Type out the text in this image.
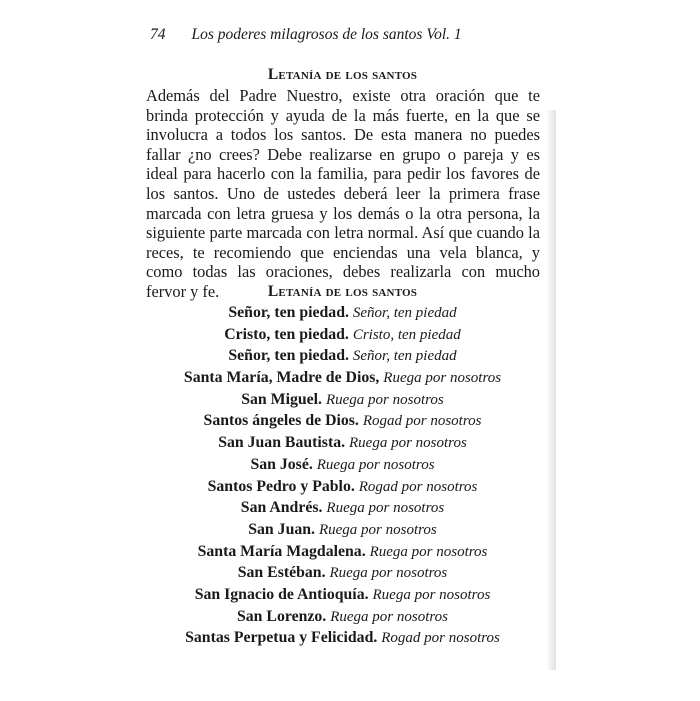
74 Los poderes milagrosos de los santos Vol. 1
Letanía de los santos

Además del Padre Nuestro, existe otra oración que te brinda protección y ayuda de la más fuerte, en la que se involucra a todos los santos. De esta manera no puedes fallar ¿no crees? Debe realizarse en grupo o pareja y es ideal para hacerlo con la familia, para pedir los favores de los santos. Uno de ustedes deberá leer la primera frase marcada con letra gruesa y los demás o la otra persona, la siguiente parte marcada con letra normal. Así que cuando la reces, te recomiendo que enciendas una vela blanca, y como todas las oraciones, debes realizarla con mucho fervor y fe.	Letanía de los santos
Señor, ten piedad. Señor, ten piedad
Cristo, ten piedad. Cristo, ten piedad
Señor, ten piedad. Señor, ten piedad
Santa María, Madre de Dios, Ruega por nosotros
San Miguel. Ruega por nosotros
Santos ángeles de Dios. Rogad por nosotros
San Juan Bautista. Ruega por nosotros
San José. Ruega por nosotros
Santos Pedro y Pablo. Rogad por nosotros
San Andrés. Ruega por nosotros
San Juan. Ruega por nosotros
Santa María Magdalena. Ruega por nosotros
San Estéban. Ruega por nosotros
San Ignacio de Antioquía. Ruega por nosotros
San Lorenzo. Ruega por nosotros
Santas Perpetua y Felicidad. Rogad por nosotros
